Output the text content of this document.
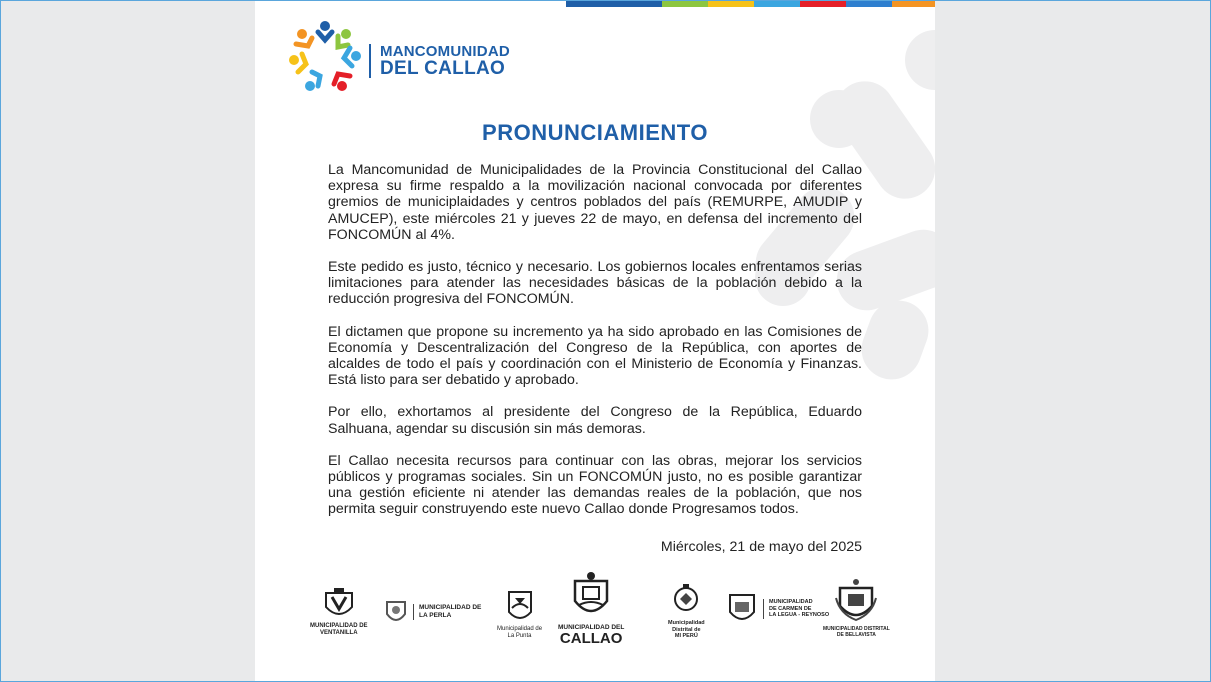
MANCOMUNIDAD
DEL CALLAO
PRONUNCIAMIENTO

La Mancomunidad de Municipalidades de la Provincia Constitucional del Callao expresa su firme respaldo a la movilización nacional convocada por diferentes gremios de municiplaidades y centros poblados del país (REMURPE, AMUDIP y AMUCEP), este miércoles 21 y jueves 22 de mayo, en defensa del incremento del FONCOMÚN al 4%.

Este pedido es justo, técnico y necesario. Los gobiernos locales enfrentamos serias limitaciones para atender las necesidades básicas de la población debido a la reducción progresiva del FONCOMÚN.

El dictamen que propone su incremento ya ha sido aprobado en las Comisiones de Economía y Descentralización del Congreso de la República, con aportes de alcaldes de todo el país y coordinación con el Ministerio de Economía y Finanzas. Está listo para ser debatido y aprobado.

Por ello, exhortamos al presidente del Congreso de la República, Eduardo Salhuana, agendar su discusión sin más demoras.

El Callao necesita recursos para continuar con las obras, mejorar los servicios públicos y programas sociales. Sin un FONCOMÚN justo, no es posible garantizar una gestión eficiente ni atender las demandas reales de la población, que nos permita seguir construyendo este nuevo Callao donde Progresamos todos.

Miércoles, 21 de mayo del 2025
MUNICIPALIDAD DE
VENTANILLA
MUNICIPALIDAD DE
LA PERLA
Municipalidad de
La Punta
MUNICIPALIDAD DEL
CALLAO
Municipalidad
Distrital de
MI PERÚ
MUNICIPALIDAD
DE CARMEN DE
LA LEGUA - REYNOSO
MUNICIPALIDAD DISTRITAL
DE BELLAVISTA
